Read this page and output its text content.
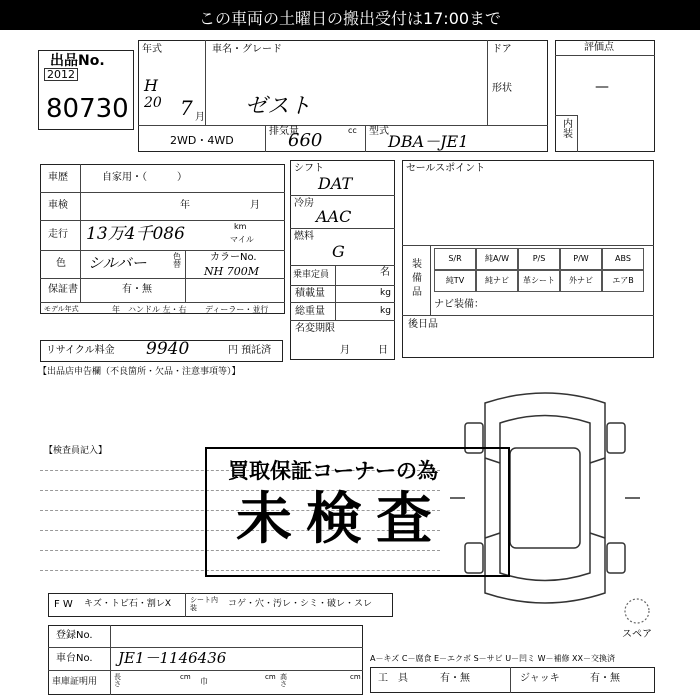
この車両の土曜日の搬出受付は17:00まで
出品No.
2012
80730
年式
H
20 7 月
車名・グレード
ゼスト
ドア
形状
2WD・4WD
排気量
660	cc 型式
DBA－JE1
評価点
—
内装
車歴	自家用・（　　　）
車検	年	月
走行 13万4千086	km
マイル
色 シルバー	色替
カラーNo.
NH 700M
保証書	有・無
モデル年式	年 ハンドル 左・右 ディーラー・並行
シフト
DAT
冷房
AAC
燃料
G
乗車定員	名
積載量	kg
総重量	kg
名変期限
月	日
セールスポイント
装備品
ナビ装備：
後日品
S/R	純A/W	P/S	P/W	ABS
純TV	純ナビ	革シート	外ナビ	エアB
リサイクル料金 9940	円 預託済
【出品店申告欄（不良箇所・欠品・注意事項等）】
【検査員記入】
スペア
買取保証コーナーの為
未検査
F W キズ・トビ石・割レX	シート内装	コゲ・穴・汚レ・シミ・破レ・スレ
登録No.
車台No. JE1－1146436
車庫証明用 長さ
cm 巾	cm 高さ
cm
A－キズ C－腐食 E－エクボ S－サビ U－凹ミ W－補修 XX－交換済
工　具	有・無	ジャッキ	有・無
